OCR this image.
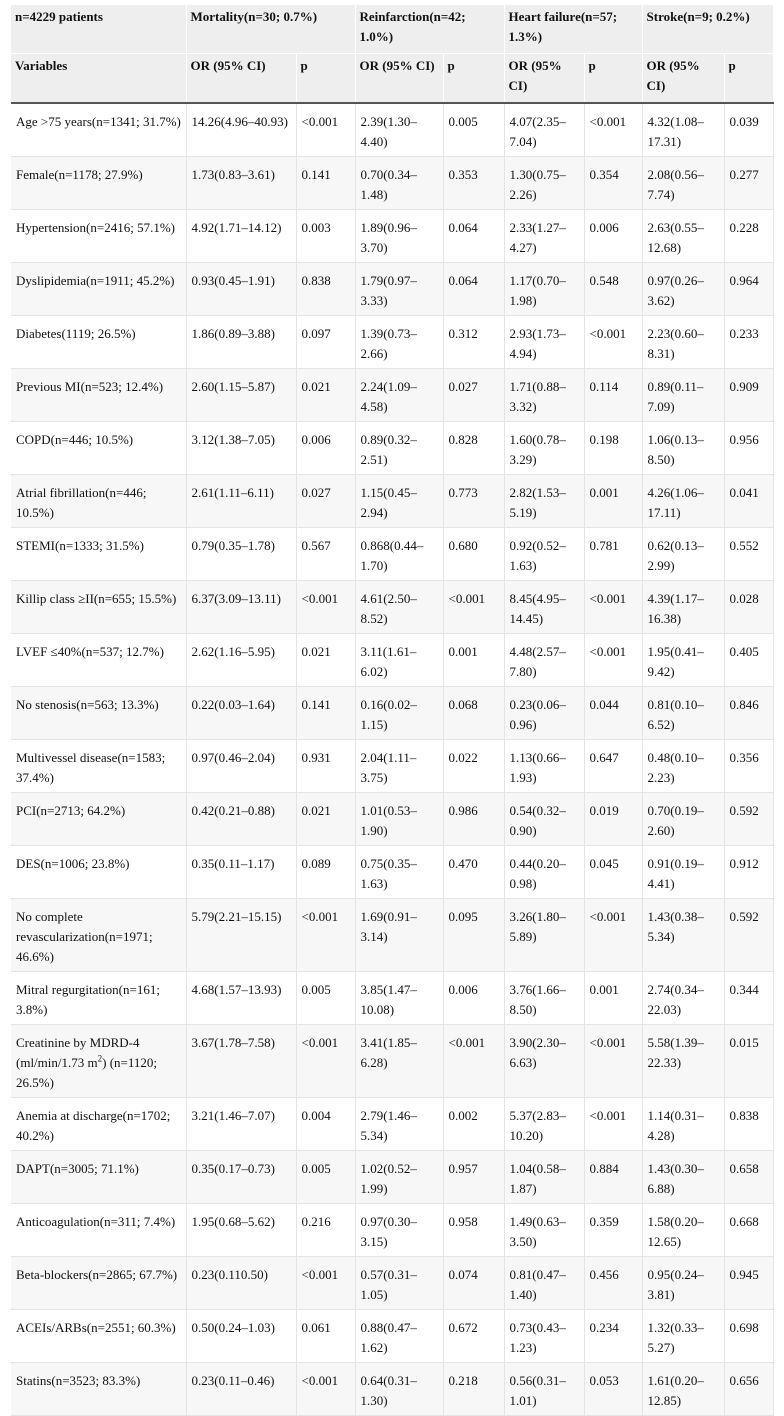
n=4229 patients	Mortality(n=30; 0.7%)		Reinfarction(n=42; 1.0%)		Heart failure(n=57; 1.3%)		Stroke(n=9; 0.2%)	
Variables	OR (95% CI)	p	OR (95% CI)	p	OR (95% CI)	p	OR (95% CI)	p
Age >75 years(n=1341; 31.7%)	14.26(4.96–40.93)	<0.001	2.39(1.30–4.40)	0.005	4.07(2.35–7.04)	<0.001	4.32(1.08–17.31)	0.039
Female(n=1178; 27.9%)	1.73(0.83–3.61)	0.141	0.70(0.34–1.48)	0.353	1.30(0.75–2.26)	0.354	2.08(0.56–7.74)	0.277
Hypertension(n=2416; 57.1%)	4.92(1.71–14.12)	0.003	1.89(0.96–3.70)	0.064	2.33(1.27–4.27)	0.006	2.63(0.55–12.68)	0.228
Dyslipidemia(n=1911; 45.2%)	0.93(0.45–1.91)	0.838	1.79(0.97–3.33)	0.064	1.17(0.70–1.98)	0.548	0.97(0.26–3.62)	0.964
Diabetes(1119; 26.5%)	1.86(0.89–3.88)	0.097	1.39(0.73–2.66)	0.312	2.93(1.73–4.94)	<0.001	2.23(0.60–8.31)	0.233
Previous MI(n=523; 12.4%)	2.60(1.15–5.87)	0.021	2.24(1.09–4.58)	0.027	1.71(0.88–3.32)	0.114	0.89(0.11–7.09)	0.909
COPD(n=446; 10.5%)	3.12(1.38–7.05)	0.006	0.89(0.32–2.51)	0.828	1.60(0.78–3.29)	0.198	1.06(0.13–8.50)	0.956
Atrial fibrillation(n=446; 10.5%)	2.61(1.11–6.11)	0.027	1.15(0.45–2.94)	0.773	2.82(1.53–5.19)	0.001	4.26(1.06–17.11)	0.041
STEMI(n=1333; 31.5%)	0.79(0.35–1.78)	0.567	0.868(0.44–1.70)	0.680	0.92(0.52–1.63)	0.781	0.62(0.13–2.99)	0.552
Killip class ≥II(n=655; 15.5%)	6.37(3.09–13.11)	<0.001	4.61(2.50–8.52)	<0.001	8.45(4.95–14.45)	<0.001	4.39(1.17–16.38)	0.028
LVEF ≤40%(n=537; 12.7%)	2.62(1.16–5.95)	0.021	3.11(1.61–6.02)	0.001	4.48(2.57–7.80)	<0.001	1.95(0.41–9.42)	0.405
No stenosis(n=563; 13.3%)	0.22(0.03–1.64)	0.141	0.16(0.02–1.15)	0.068	0.23(0.06–0.96)	0.044	0.81(0.10–6.52)	0.846
Multivessel disease(n=1583; 37.4%)	0.97(0.46–2.04)	0.931	2.04(1.11–3.75)	0.022	1.13(0.66–1.93)	0.647	0.48(0.10–2.23)	0.356
PCI(n=2713; 64.2%)	0.42(0.21–0.88)	0.021	1.01(0.53–1.90)	0.986	0.54(0.32–0.90)	0.019	0.70(0.19–2.60)	0.592
DES(n=1006; 23.8%)	0.35(0.11–1.17)	0.089	0.75(0.35–1.63)	0.470	0.44(0.20–0.98)	0.045	0.91(0.19–4.41)	0.912
No complete revascularization(n=1971; 46.6%)	5.79(2.21–15.15)	<0.001	1.69(0.91–3.14)	0.095	3.26(1.80–5.89)	<0.001	1.43(0.38–5.34)	0.592
Mitral regurgitation(n=161; 3.8%)	4.68(1.57–13.93)	0.005	3.85(1.47–10.08)	0.006	3.76(1.66–8.50)	0.001	2.74(0.34–22.03)	0.344
Creatinine by MDRD-4 (ml/min/1.73 $m^2$) (n=1120; 26.5%)	3.67(1.78–7.58)	<0.001	3.41(1.85–6.28)	<0.001	3.90(2.30–6.63)	<0.001	5.58(1.39–22.33)	0.015
Anemia at discharge(n=1702; 40.2%)	3.21(1.46–7.07)	0.004	2.79(1.46–5.34)	0.002	5.37(2.83–10.20)	<0.001	1.14(0.31–4.28)	0.838
DAPT(n=3005; 71.1%)	0.35(0.17–0.73)	0.005	1.02(0.52–1.99)	0.957	1.04(0.58–1.87)	0.884	1.43(0.30–6.88)	0.658
Anticoagulation(n=311; 7.4%)	1.95(0.68–5.62)	0.216	0.97(0.30–3.15)	0.958	1.49(0.63–3.50)	0.359	1.58(0.20–12.65)	0.668
Beta-blockers(n=2865; 67.7%)	0.23(0.110.50)	<0.001	0.57(0.31–1.05)	0.074	0.81(0.47–1.40)	0.456	0.95(0.24–3.81)	0.945
ACEIs/ARBs(n=2551; 60.3%)	0.50(0.24–1.03)	0.061	0.88(0.47–1.62)	0.672	0.73(0.43–1.23)	0.234	1.32(0.33–5.27)	0.698
Statins(n=3523; 83.3%)	0.23(0.11–0.46)	<0.001	0.64(0.31–1.30)	0.218	0.56(0.31–1.01)	0.053	1.61(0.20–12.85)	0.656
